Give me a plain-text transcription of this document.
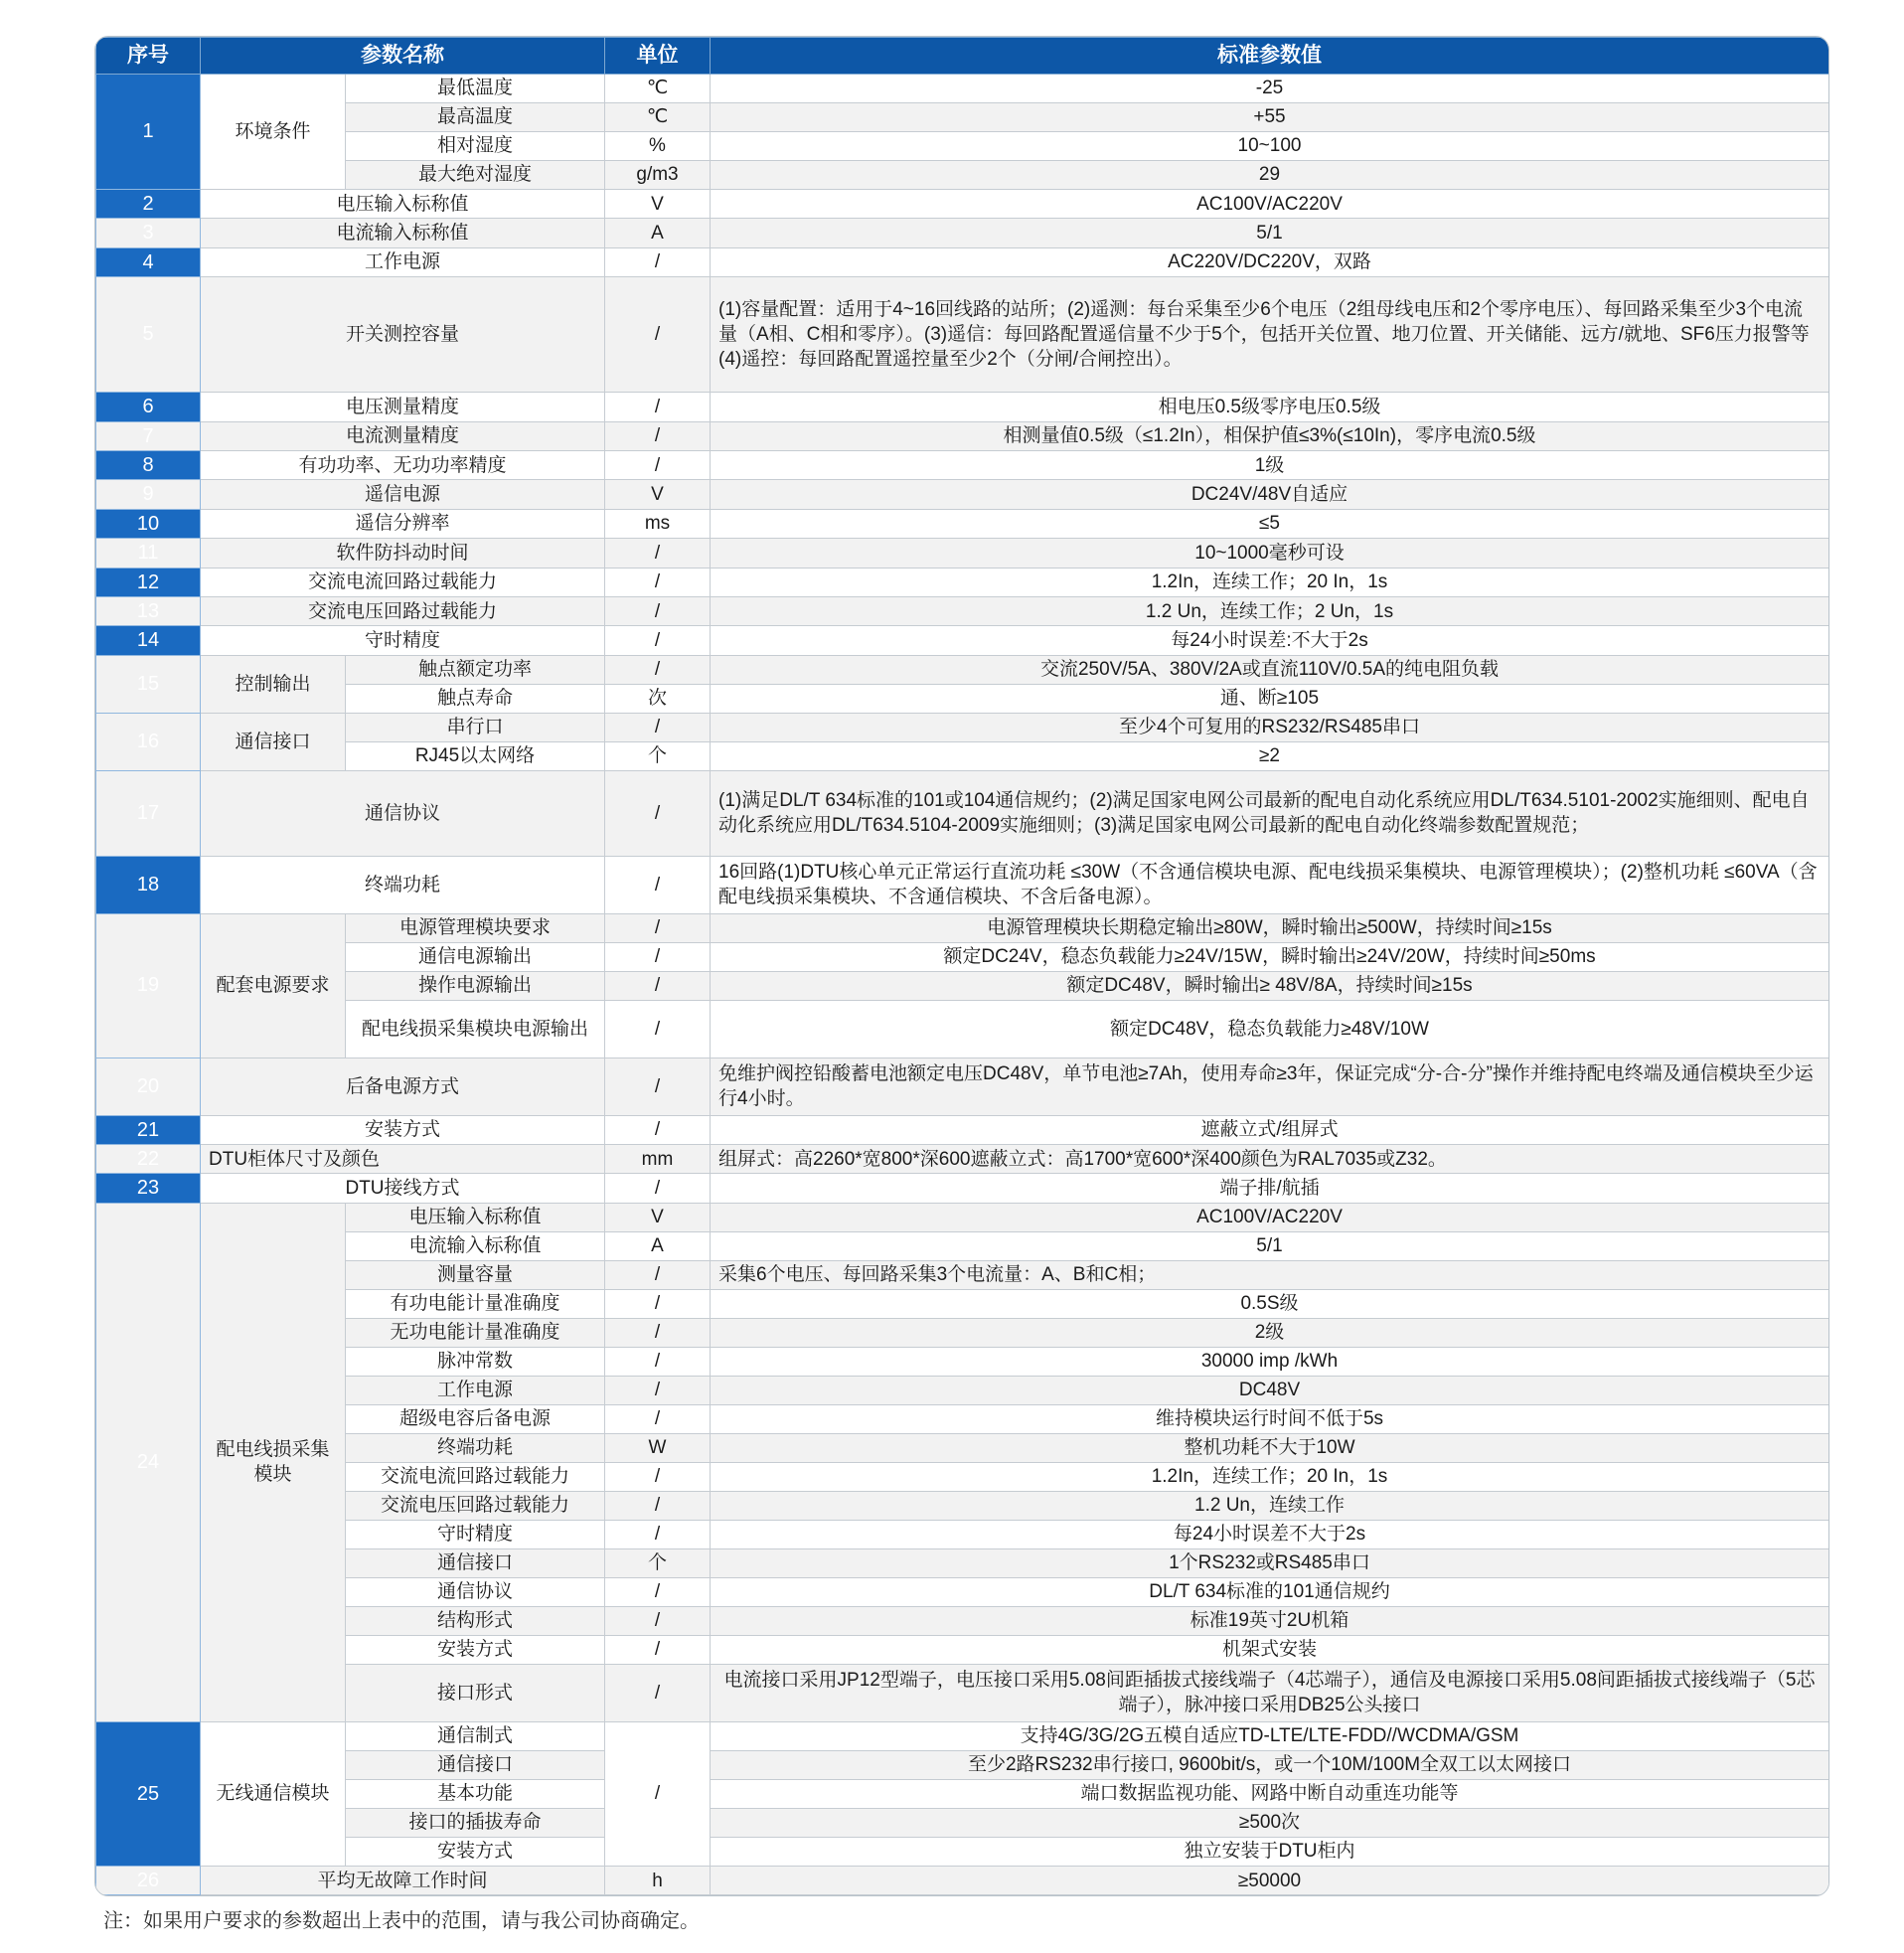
序号	参数名称		单位	标准参数值
1	环境条件	最低温度	℃	-25
		最高温度	℃	+55
		相对湿度	%	10~100
		最大绝对湿度	g/m3	29
2	电压输入标称值		V	AC100V/AC220V
3	电流输入标称值		A	5/1
4	工作电源		/	AC220V/DC220V，双路
5	开关测控容量		/	(1)容量配置：适用于4~16回线路的站所；(2)遥测：每台采集至少6个电压（2组母线电压和2个零序电压）、每回路采集至少3个电流量（A相、C相和零序）。(3)遥信：每回路配置遥信量不少于5个，包括开关位置、地刀位置、开关储能、远方/就地、SF6压力报警等(4)遥控：每回路配置遥控量至少2个（分闸/合闸控出）。
6	电压测量精度		/	相电压0.5级零序电压0.5级
7	电流测量精度		/	相测量值0.5级（≤1.2In），相保护值≤3%(≤10In)，零序电流0.5级
8	有功功率、无功功率精度		/	1级
9	遥信电源		V	DC24V/48V自适应
10	遥信分辨率		ms	≤5
11	软件防抖动时间		/	10~1000毫秒可设
12	交流电流回路过载能力		/	1.2In，连续工作；20 In，1s
13	交流电压回路过载能力		/	1.2 Un，连续工作；2 Un，1s
14	守时精度		/	每24小时误差:不大于2s
15	控制输出	触点额定功率	/	交流250V/5A、380V/2A或直流110V/0.5A的纯电阻负载
		触点寿命	次	通、断≥105
16	通信接口	串行口	/	至少4个可复用的RS232/RS485串口
		RJ45以太网络	个	≥2
17	通信协议		/	(1)满足DL/T 634标准的101或104通信规约；(2)满足国家电网公司最新的配电自动化系统应用DL/T634.5101-2002实施细则、配电自动化系统应用DL/T634.5104-2009实施细则；(3)满足国家电网公司最新的配电自动化终端参数配置规范；
18	终端功耗		/	16回路(1)DTU核心单元正常运行直流功耗 ≤30W（不含通信模块电源、配电线损采集模块、电源管理模块）；(2)整机功耗 ≤60VA（含配电线损采集模块、不含通信模块、不含后备电源）。
19	配套电源要求	电源管理模块要求	/	电源管理模块长期稳定输出≥80W，瞬时输出≥500W，持续时间≥15s
		通信电源输出	/	额定DC24V，稳态负载能力≥24V/15W，瞬时输出≥24V/20W，持续时间≥50ms
		操作电源输出	/	额定DC48V，瞬时输出≥ 48V/8A，持续时间≥15s
		配电线损采集模块电源输出	/	额定DC48V，稳态负载能力≥48V/10W
20	后备电源方式		/	免维护阀控铅酸蓄电池额定电压DC48V，单节电池≥7Ah，使用寿命≥3年，保证完成“分-合-分”操作并维持配电终端及通信模块至少运行4小时。
21	安装方式		/	遮蔽立式/组屏式
22	DTU柜体尺寸及颜色		mm	组屏式：高2260*宽800*深600遮蔽立式：高1700*宽600*深400颜色为RAL7035或Z32。
23	DTU接线方式		/	端子排/航插
24	配电线损采集模块	电压输入标称值	V	AC100V/AC220V
		电流输入标称值	A	5/1
		测量容量	/	采集6个电压、每回路采集3个电流量：A、B和C相；
		有功电能计量准确度	/	0.5S级
		无功电能计量准确度	/	2级
		脉冲常数	/	30000 imp /kWh
		工作电源	/	DC48V
		超级电容后备电源	/	维持模块运行时间不低于5s
		终端功耗	W	整机功耗不大于10W
		交流电流回路过载能力	/	1.2In，连续工作；20 In，1s
		交流电压回路过载能力	/	1.2 Un，连续工作
		守时精度	/	每24小时误差不大于2s
		通信接口	个	1个RS232或RS485串口
		通信协议	/	DL/T 634标准的101通信规约
		结构形式	/	标准19英寸2U机箱
		安装方式	/	机架式安装
		接口形式	/	电流接口采用JP12型端子，电压接口采用5.08间距插拔式接线端子（4芯端子），通信及电源接口采用5.08间距插拔式接线端子（5芯端子），脉冲接口采用DB25公头接口
25	无线通信模块	通信制式	/	支持4G/3G/2G五模自适应TD-LTE/LTE-FDD//WCDMA/GSM
		通信接口		至少2路RS232串行接口, 9600bit/s，或一个10M/100M全双工以太网接口
		基本功能		端口数据监视功能、网路中断自动重连功能等
		接口的插拔寿命		≥500次
		安装方式		独立安装于DTU柜内
26	平均无故障工作时间		h	≥50000
注：如果用户要求的参数超出上表中的范围，请与我公司协商确定。
